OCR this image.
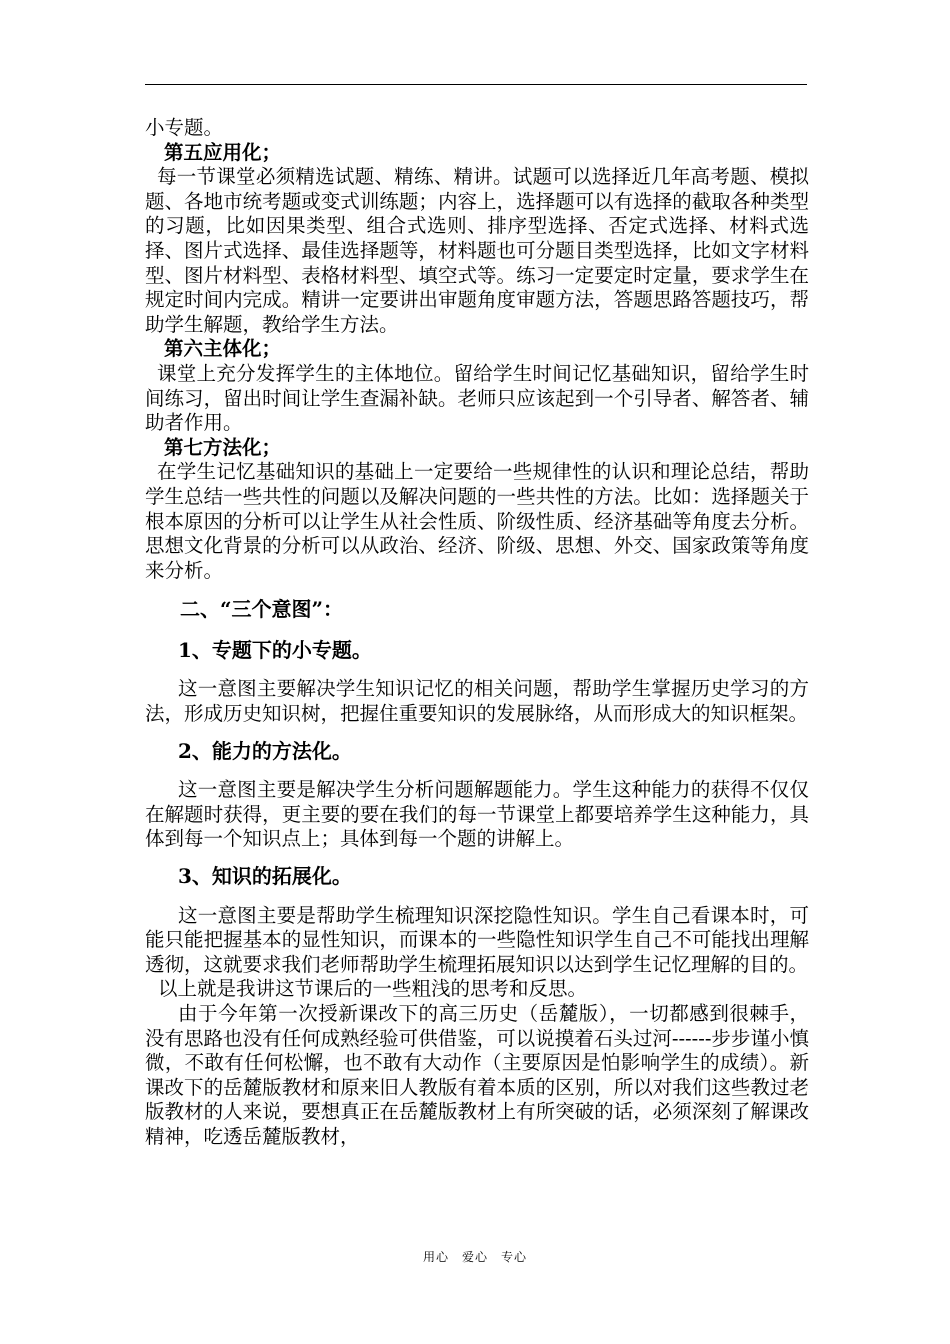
小专题。

第五应用化；

每一节课堂必须精选试题、精练、精讲。试题可以选择近几年高考题、模拟题、各地市统考题或变式训练题；内容上，选择题可以有选择的截取各种类型的习题，比如因果类型、组合式选则、排序型选择、否定式选择、材料式选择、图片式选择、最佳选择题等，材料题也可分题目类型选择，比如文字材料型、图片材料型、表格材料型、填空式等。练习一定要定时定量，要求学生在规定时间内完成。精讲一定要讲出审题角度审题方法，答题思路答题技巧，帮助学生解题，教给学生方法。

第六主体化；

课堂上充分发挥学生的主体地位。留给学生时间记忆基础知识，留给学生时间练习，留出时间让学生查漏补缺。老师只应该起到一个引导者、解答者、辅助者作用。

第七方法化；

在学生记忆基础知识的基础上一定要给一些规律性的认识和理论总结，帮助学生总结一些共性的问题以及解决问题的一些共性的方法。比如：选择题关于根本原因的分析可以让学生从社会性质、阶级性质、经济基础等角度去分析。思想文化背景的分析可以从政治、经济、阶级、思想、外交、国家政策等角度来分析。

二、“三个意图”：

1、专题下的小专题。

这一意图主要解决学生知识记忆的相关问题，帮助学生掌握历史学习的方法，形成历史知识树，把握住重要知识的发展脉络，从而形成大的知识框架。

2、能力的方法化。

这一意图主要是解决学生分析问题解题能力。学生这种能力的获得不仅仅在解题时获得，更主要的要在我们的每一节课堂上都要培养学生这种能力，具体到每一个知识点上；具体到每一个题的讲解上。

3、知识的拓展化。

这一意图主要是帮助学生梳理知识深挖隐性知识。学生自己看课本时，可能只能把握基本的显性知识，而课本的一些隐性知识学生自己不可能找出理解透彻，这就要求我们老师帮助学生梳理拓展知识以达到学生记忆理解的目的。

以上就是我讲这节课后的一些粗浅的思考和反思。

由于今年第一次授新课改下的高三历史（岳麓版），一切都感到很棘手，没有思路也没有任何成熟经验可供借鉴，可以说摸着石头过河------步步谨小慎微，不敢有任何松懈，也不敢有大动作（主要原因是怕影响学生的成绩）。新课改下的岳麓版教材和原来旧人教版有着本质的区别，所以对我们这些教过老版教材的人来说，要想真正在岳麓版教材上有所突破的话，必须深刻了解课改精神，吃透岳麓版教材，

用心　爱心　专心
